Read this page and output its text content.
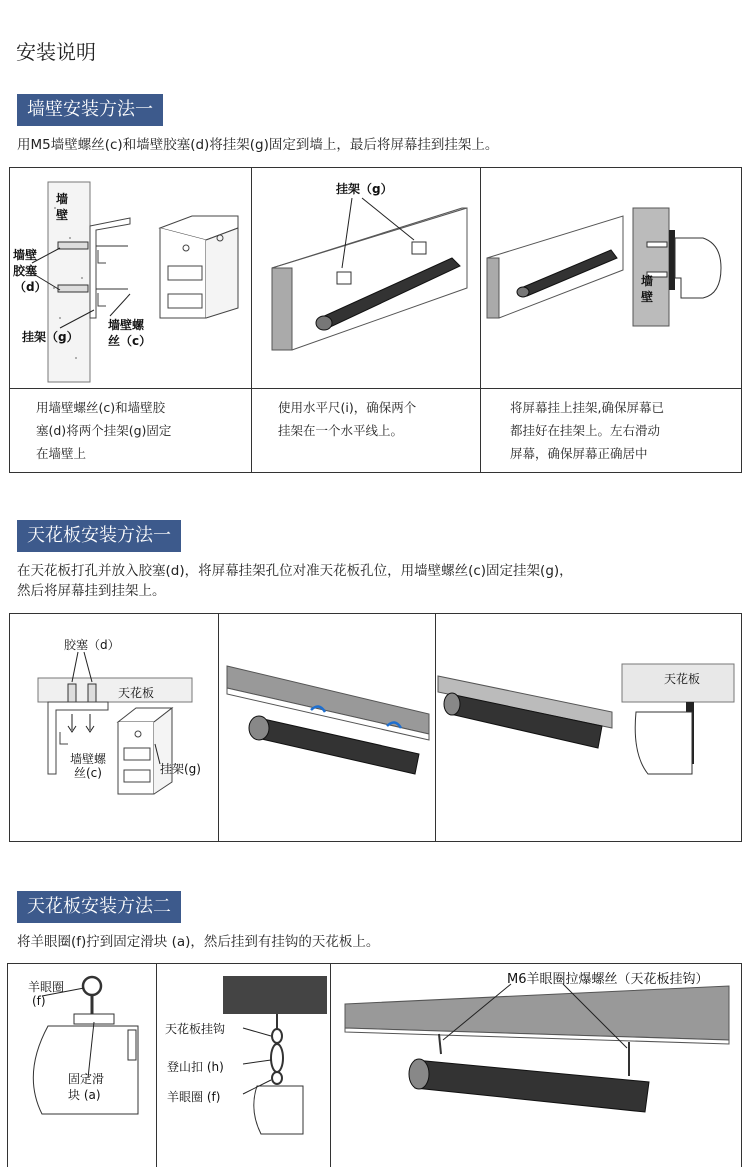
安装说明
墙壁安装方法一
用M5墙壁螺丝(c)和墙壁胶塞(d)将挂架(g)固定到墙上，最后将屏幕挂到挂架上。
墙
壁
墙壁
胶塞
（d）
挂架（g）
墙壁螺
丝（c）
挂架（g）
墙
壁
用墙壁螺丝(c)和墙壁胶
塞(d)将两个挂架(g)固定
在墙壁上
使用水平尺(i)，确保两个
挂架在一个水平线上。
将屏幕挂上挂架,确保屏幕已
都挂好在挂架上。左右滑动
屏幕，确保屏幕正确居中
天花板安装方法一
在天花板打孔并放入胶塞(d)，将屏幕挂架孔位对准天花板孔位，用墙壁螺丝(c)固定挂架(g)，
然后将屏幕挂到挂架上。
胶塞（d）
天花板
墙壁螺
丝(c)	挂架(g)
天花板
天花板安装方法二
将羊眼圈(f)拧到固定滑块 (a)，然后挂到有挂钩的天花板上。
羊眼圈
(f)
固定滑
块 (a)
天花板挂钩
登山扣 (h)
羊眼圈 (f)
M6羊眼圈拉爆螺丝（天花板挂钩）
